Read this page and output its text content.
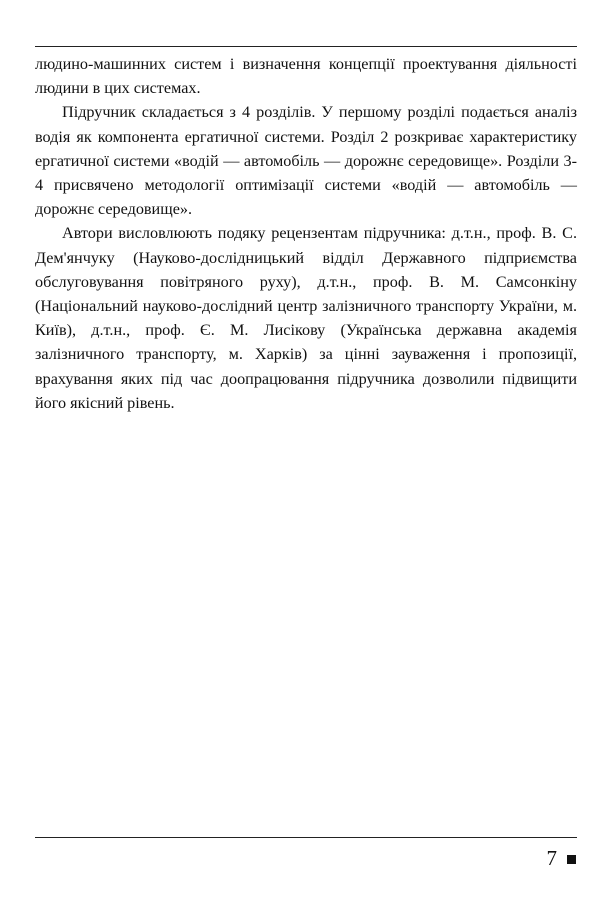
людино-машинних систем і визначення концепції проектування діяльності людини в цих системах.

Підручник складається з 4 розділів. У першому розділі подається аналіз водія як компонента ергатичної системи. Розділ 2 розкриває характеристику ергатичної системи «водій — автомобіль — дорожнє середовище». Розділи 3-4 присвячено методології оптимізації системи «водій — автомобіль — дорожнє середовище».

Автори висловлюють подяку рецензентам підручника: д.т.н., проф. В. С. Дем'янчуку (Науково-дослідницький відділ Державного підприємства обслуговування повітряного руху), д.т.н., проф. В. М. Самсонкіну (Національний науково-дослідний центр залізничного транспорту України, м. Київ), д.т.н., проф. Є. М. Лисікову (Українська державна академія залізничного транспорту, м. Харків) за цінні зауваження і пропозиції, врахування яких під час доопрацювання підручника дозволили підвищити його якісний рівень.

7
